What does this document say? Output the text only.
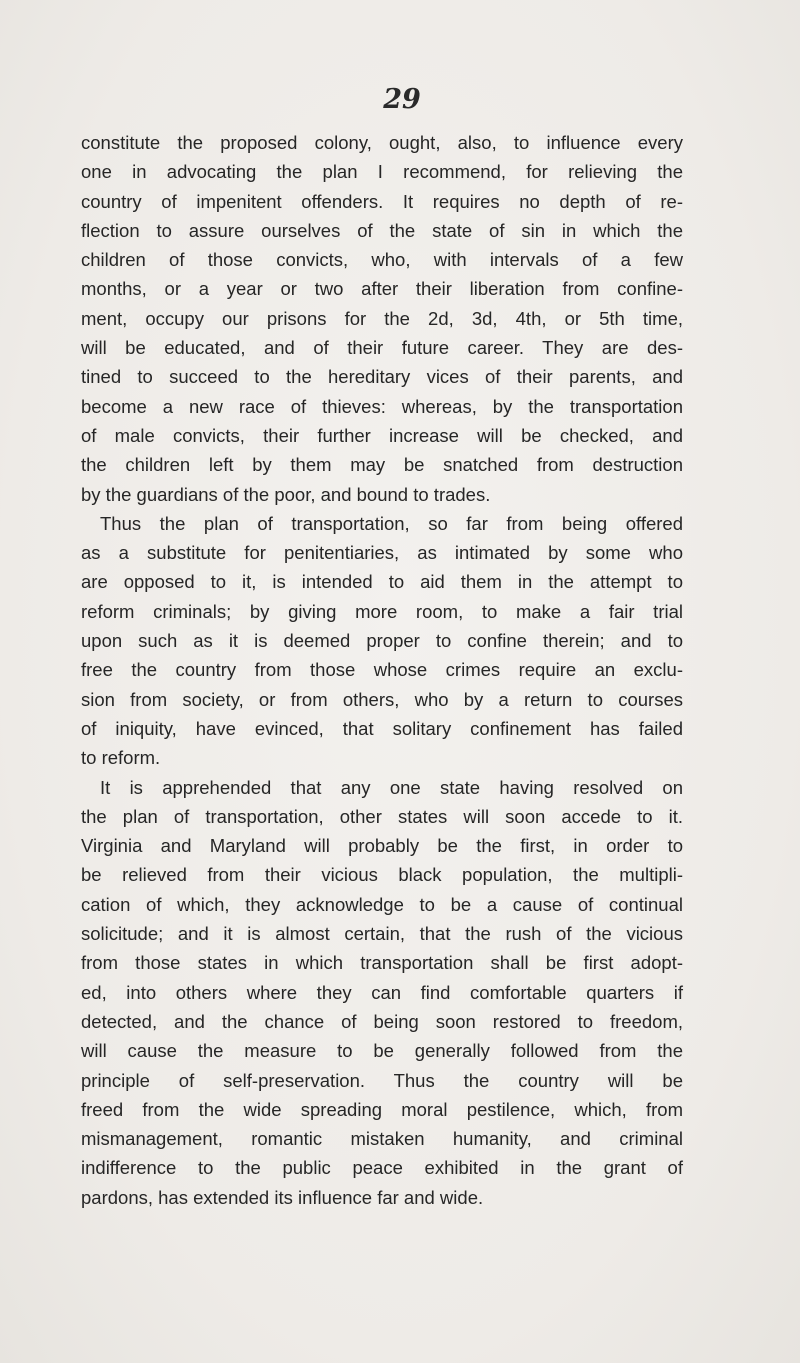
29
constitute the proposed colony, ought, also, to influence every
one in advocating the plan I recommend, for relieving the
country of impenitent offenders. It requires no depth of re-
flection to assure ourselves of the state of sin in which the
children of those convicts, who, with intervals of a few
months, or a year or two after their liberation from confine-
ment, occupy our prisons for the 2d, 3d, 4th, or 5th time,
will be educated, and of their future career. They are des-
tined to succeed to the hereditary vices of their parents, and
become a new race of thieves: whereas, by the transportation
of male convicts, their further increase will be checked, and
the children left by them may be snatched from destruction
by the guardians of the poor, and bound to trades.
Thus the plan of transportation, so far from being offered
as a substitute for penitentiaries, as intimated by some who
are opposed to it, is intended to aid them in the attempt to
reform criminals; by giving more room, to make a fair trial
upon such as it is deemed proper to confine therein; and to
free the country from those whose crimes require an exclu-
sion from society, or from others, who by a return to courses
of iniquity, have evinced, that solitary confinement has failed
to reform.
It is apprehended that any one state having resolved on
the plan of transportation, other states will soon accede to it.
Virginia and Maryland will probably be the first, in order to
be relieved from their vicious black population, the multipli-
cation of which, they acknowledge to be a cause of continual
solicitude; and it is almost certain, that the rush of the vicious
from those states in which transportation shall be first adopt-
ed, into others where they can find comfortable quarters if
detected, and the chance of being soon restored to freedom,
will cause the measure to be generally followed from the
principle of self-preservation. Thus the country will be
freed from the wide spreading moral pestilence, which, from
mismanagement, romantic mistaken humanity, and criminal
indifference to the public peace exhibited in the grant of
pardons, has extended its influence far and wide.
